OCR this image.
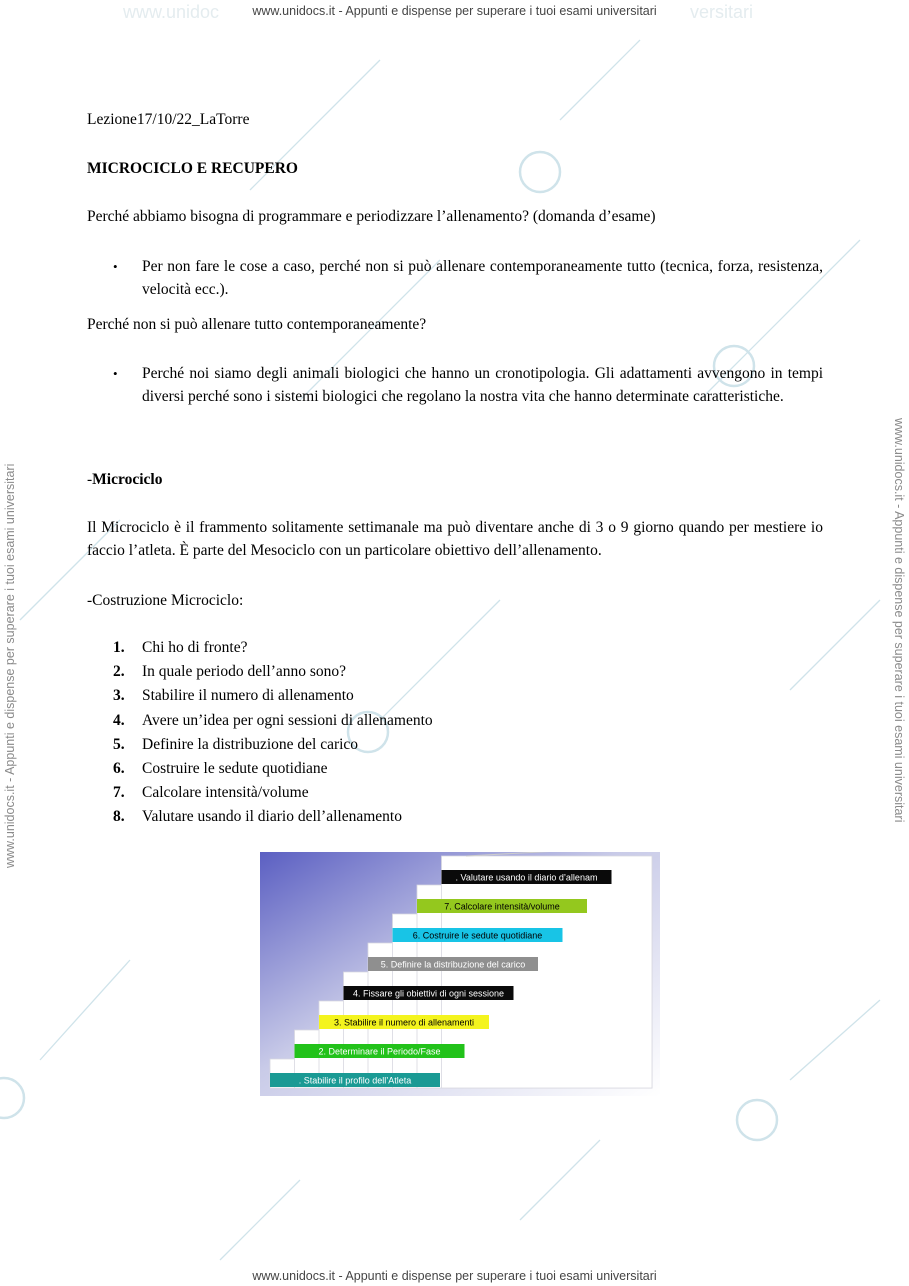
www.unidoc	versitari
www.unidocs.it - Appunti e dispense per superare i tuoi esami universitari
www.unidocs.it - Appunti e dispense per superare i tuoi esami universitari
www.unidocs.it - Appunti e dispense per superare i tuoi esami universitari	www.unidocs.it - Appunti e dispense per superare i tuoi esami universitari

Lezione17/10/22_LaTorre

MICROCICLO E RECUPERO

Perché abbiamo bisogna di programmare e periodizzare l’allenamento? (domanda d’esame)

• Per non fare le cose a caso, perché non si può allenare contemporaneamente tutto (tecnica, forza, resistenza, velocità ecc.).

Perché non si può allenare tutto contemporaneamente?

• Perché noi siamo degli animali biologici che hanno un cronotipologia. Gli adattamenti avvengono in tempi diversi perché sono i sistemi biologici che regolano la nostra vita che hanno determinate caratteristiche.

-Microciclo

Il Microciclo è il frammento solitamente settimanale ma può diventare anche di 3 o 9 giorno quando per mestiere io faccio l’atleta. È parte del Mesociclo con un particolare obiettivo dell’allenamento.

-Costruzione Microciclo:

1. Chi ho di fronte?
2. In quale periodo dell’anno sono?
3. Stabilire il numero di allenamento
4. Avere un’idea per ogni sessioni di allenamento
5. Definire la distribuzione del carico
6. Costruire le sedute quotidiane
7. Calcolare intensità/volume
8. Valutare usando il diario dell’allenamento
. Stabilire il profilo dell’Atleta
2. Determinare il Periodo/Fase
3. Stabilire il numero di allenamenti
4. Fissare gli obiettivi di ogni sessione
5. Definire la distribuzione del carico
6. Costruire le sedute quotidiane
7. Calcolare intensità/volume
. Valutare usando il diario d’allenam
